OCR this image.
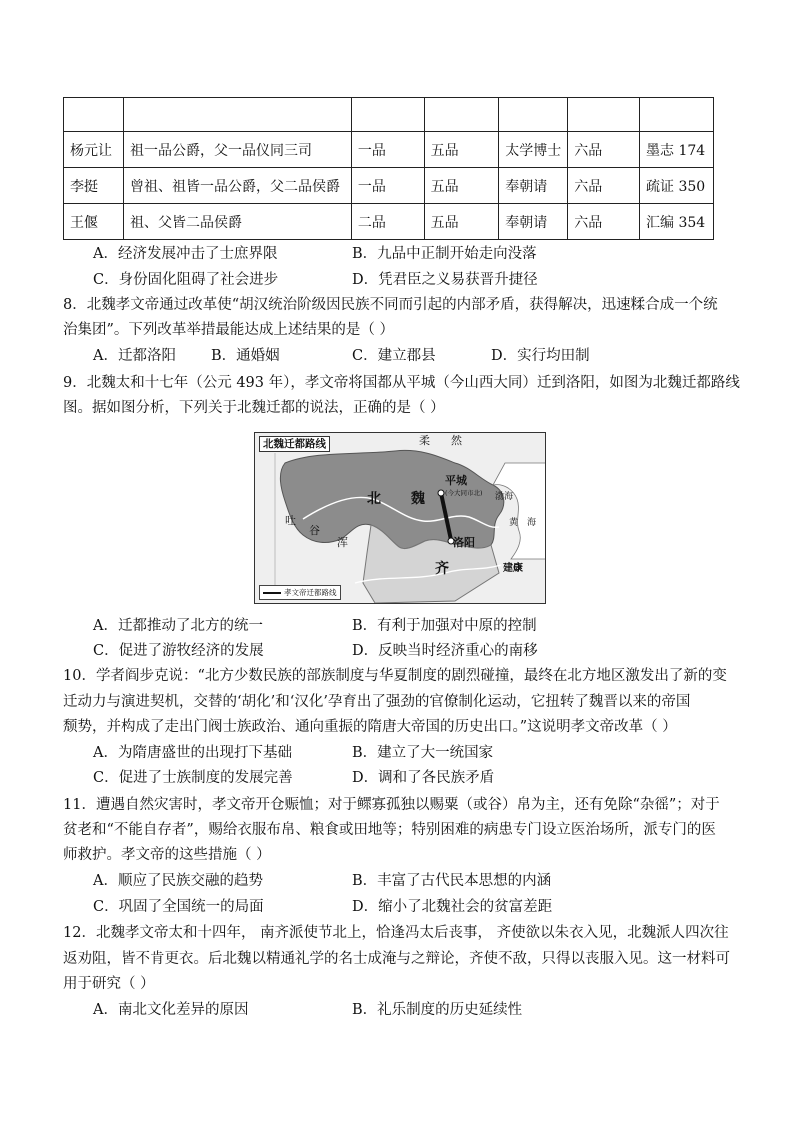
杨元让	祖一品公爵，父一品仪同三司	一品	五品	太学博士	六品	墨志 174
李挺	曾祖、祖皆一品公爵，父二品侯爵	一品	五品	奉朝请	六品	疏证 350
王偃	祖、父皆二品侯爵	二品	五品	奉朝请	六品	汇编 354
A．经济发展冲击了士庶界限	B．九品中正制开始走向没落
C．身份固化阻碍了社会进步	D．凭君臣之义易获晋升捷径
8．北魏孝文帝通过改革使“胡汉统治阶级因民族不同而引起的内部矛盾，获得解决，迅速糅合成一个统
治集团”。下列改革举措最能达成上述结果的是（ ）
A．迁都洛阳 B．通婚姻	C．建立郡县	D．实行均田制
9．北魏太和十七年（公元 493 年），孝文帝将国都从平城（今山西大同）迁到洛阳，如图为北魏迁都路线
图。据如图分析，下列关于北魏迁都的说法，正确的是（ ）
北魏迁都路线	柔 然
北 魏
平城
(今大同市北)
吐
谷
浑
渤海
黄 海
洛阳
齐	建康
孝文帝迁都路线
A．迁都推动了北方的统一	B．有利于加强对中原的控制
C．促进了游牧经济的发展	D．反映当时经济重心的南移
10．学者阎步克说：“北方少数民族的部族制度与华夏制度的剧烈碰撞，最终在北方地区激发出了新的变
迁动力与演进契机，交替的‘胡化’和‘汉化’孕育出了强劲的官僚制化运动，它扭转了魏晋以来的帝国
颓势，并构成了走出门阀士族政治、通向重振的隋唐大帝国的历史出口。”这说明孝文帝改革（ ）
A．为隋唐盛世的出现打下基础	B．建立了大一统国家
C．促进了士族制度的发展完善	D．调和了各民族矛盾
11．遭遇自然灾害时，孝文帝开仓赈恤；对于鳏寡孤独以赐粟（或谷）帛为主，还有免除“杂徭”；对于
贫老和“不能自存者”，赐给衣服布帛、粮食或田地等；特别困难的病患专门设立医治场所，派专门的医
师救护。孝文帝的这些措施（ ）
A．顺应了民族交融的趋势	B．丰富了古代民本思想的内涵
C．巩固了全国统一的局面	D．缩小了北魏社会的贫富差距
12．北魏孝文帝太和十四年， 南齐派使节北上，恰逢冯太后丧事， 齐使欲以朱衣入见，北魏派人四次往
返劝阻，皆不肯更衣。后北魏以精通礼学的名士成淹与之辩论，齐使不敌，只得以丧服入见。这一材料可
用于研究（ ）
A．南北文化差异的原因	B．礼乐制度的历史延续性
